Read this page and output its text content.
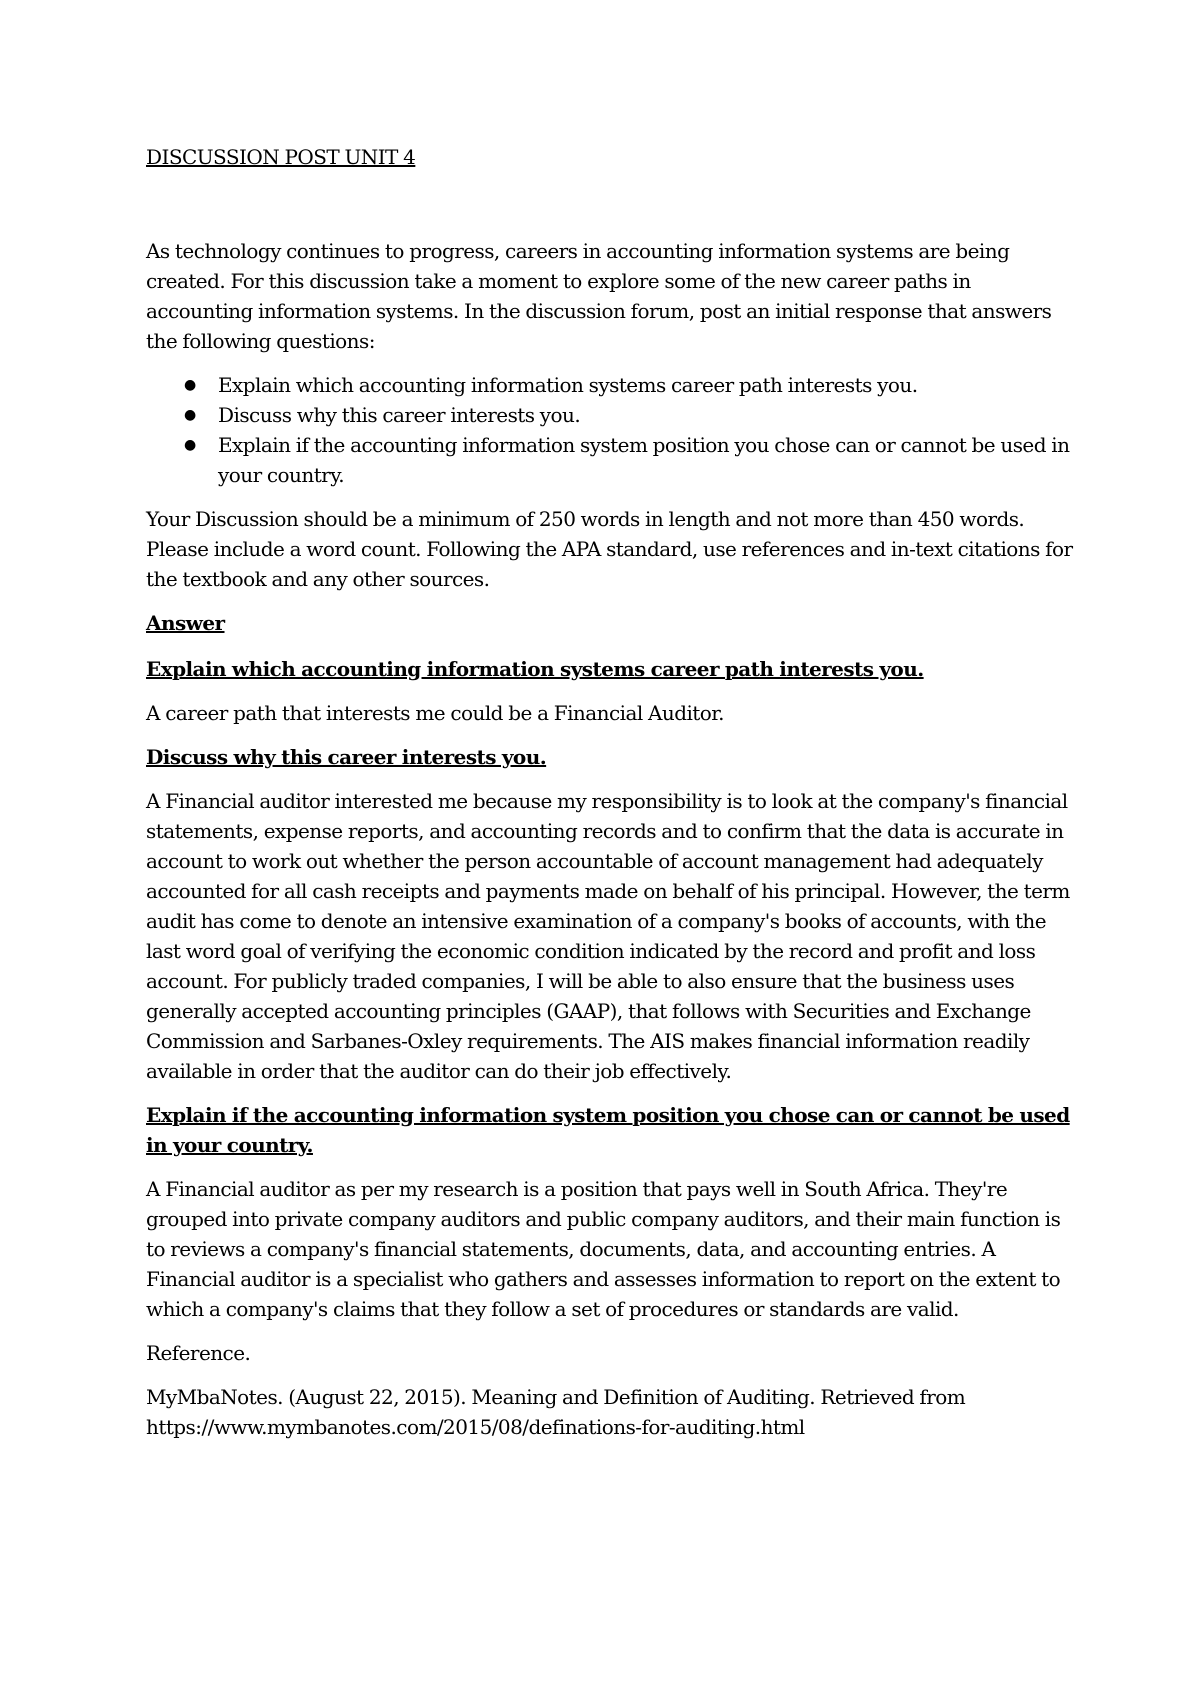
DISCUSSION POST UNIT 4

As technology continues to progress, careers in accounting information systems are being created. For this discussion take a moment to explore some of the new career paths in accounting information systems. In the discussion forum, post an initial response that answers the following questions:

● Explain which accounting information systems career path interests you.
● Discuss why this career interests you.
● Explain if the accounting information system position you chose can or cannot be used in your country.

Your Discussion should be a minimum of 250 words in length and not more than 450 words. Please include a word count. Following the APA standard, use references and in-text citations for the textbook and any other sources.

Answer

Explain which accounting information systems career path interests you.

A career path that interests me could be a Financial Auditor.

Discuss why this career interests you.

A Financial auditor interested me because my responsibility is to look at the company's financial statements, expense reports, and accounting records and to confirm that the data is accurate in account to work out whether the person accountable of account management had adequately accounted for all cash receipts and payments made on behalf of his principal. However, the term audit has come to denote an intensive examination of a company's books of accounts, with the last word goal of verifying the economic condition indicated by the record and profit and loss account. For publicly traded companies, I will be able to also ensure that the business uses generally accepted accounting principles (GAAP), that follows with Securities and Exchange Commission and Sarbanes-Oxley requirements. The AIS makes financial information readily available in order that the auditor can do their job effectively.

Explain if the accounting information system position you chose can or cannot be used in your country.

A Financial auditor as per my research is a position that pays well in South Africa. They're grouped into private company auditors and public company auditors, and their main function is to reviews a company's financial statements, documents, data, and accounting entries. A Financial auditor is a specialist who gathers and assesses information to report on the extent to which a company's claims that they follow a set of procedures or standards are valid.

Reference.

MyMbaNotes. (August 22, 2015). Meaning and Definition of Auditing. Retrieved from https://www.mymbanotes.com/2015/08/definations-for-auditing.html
